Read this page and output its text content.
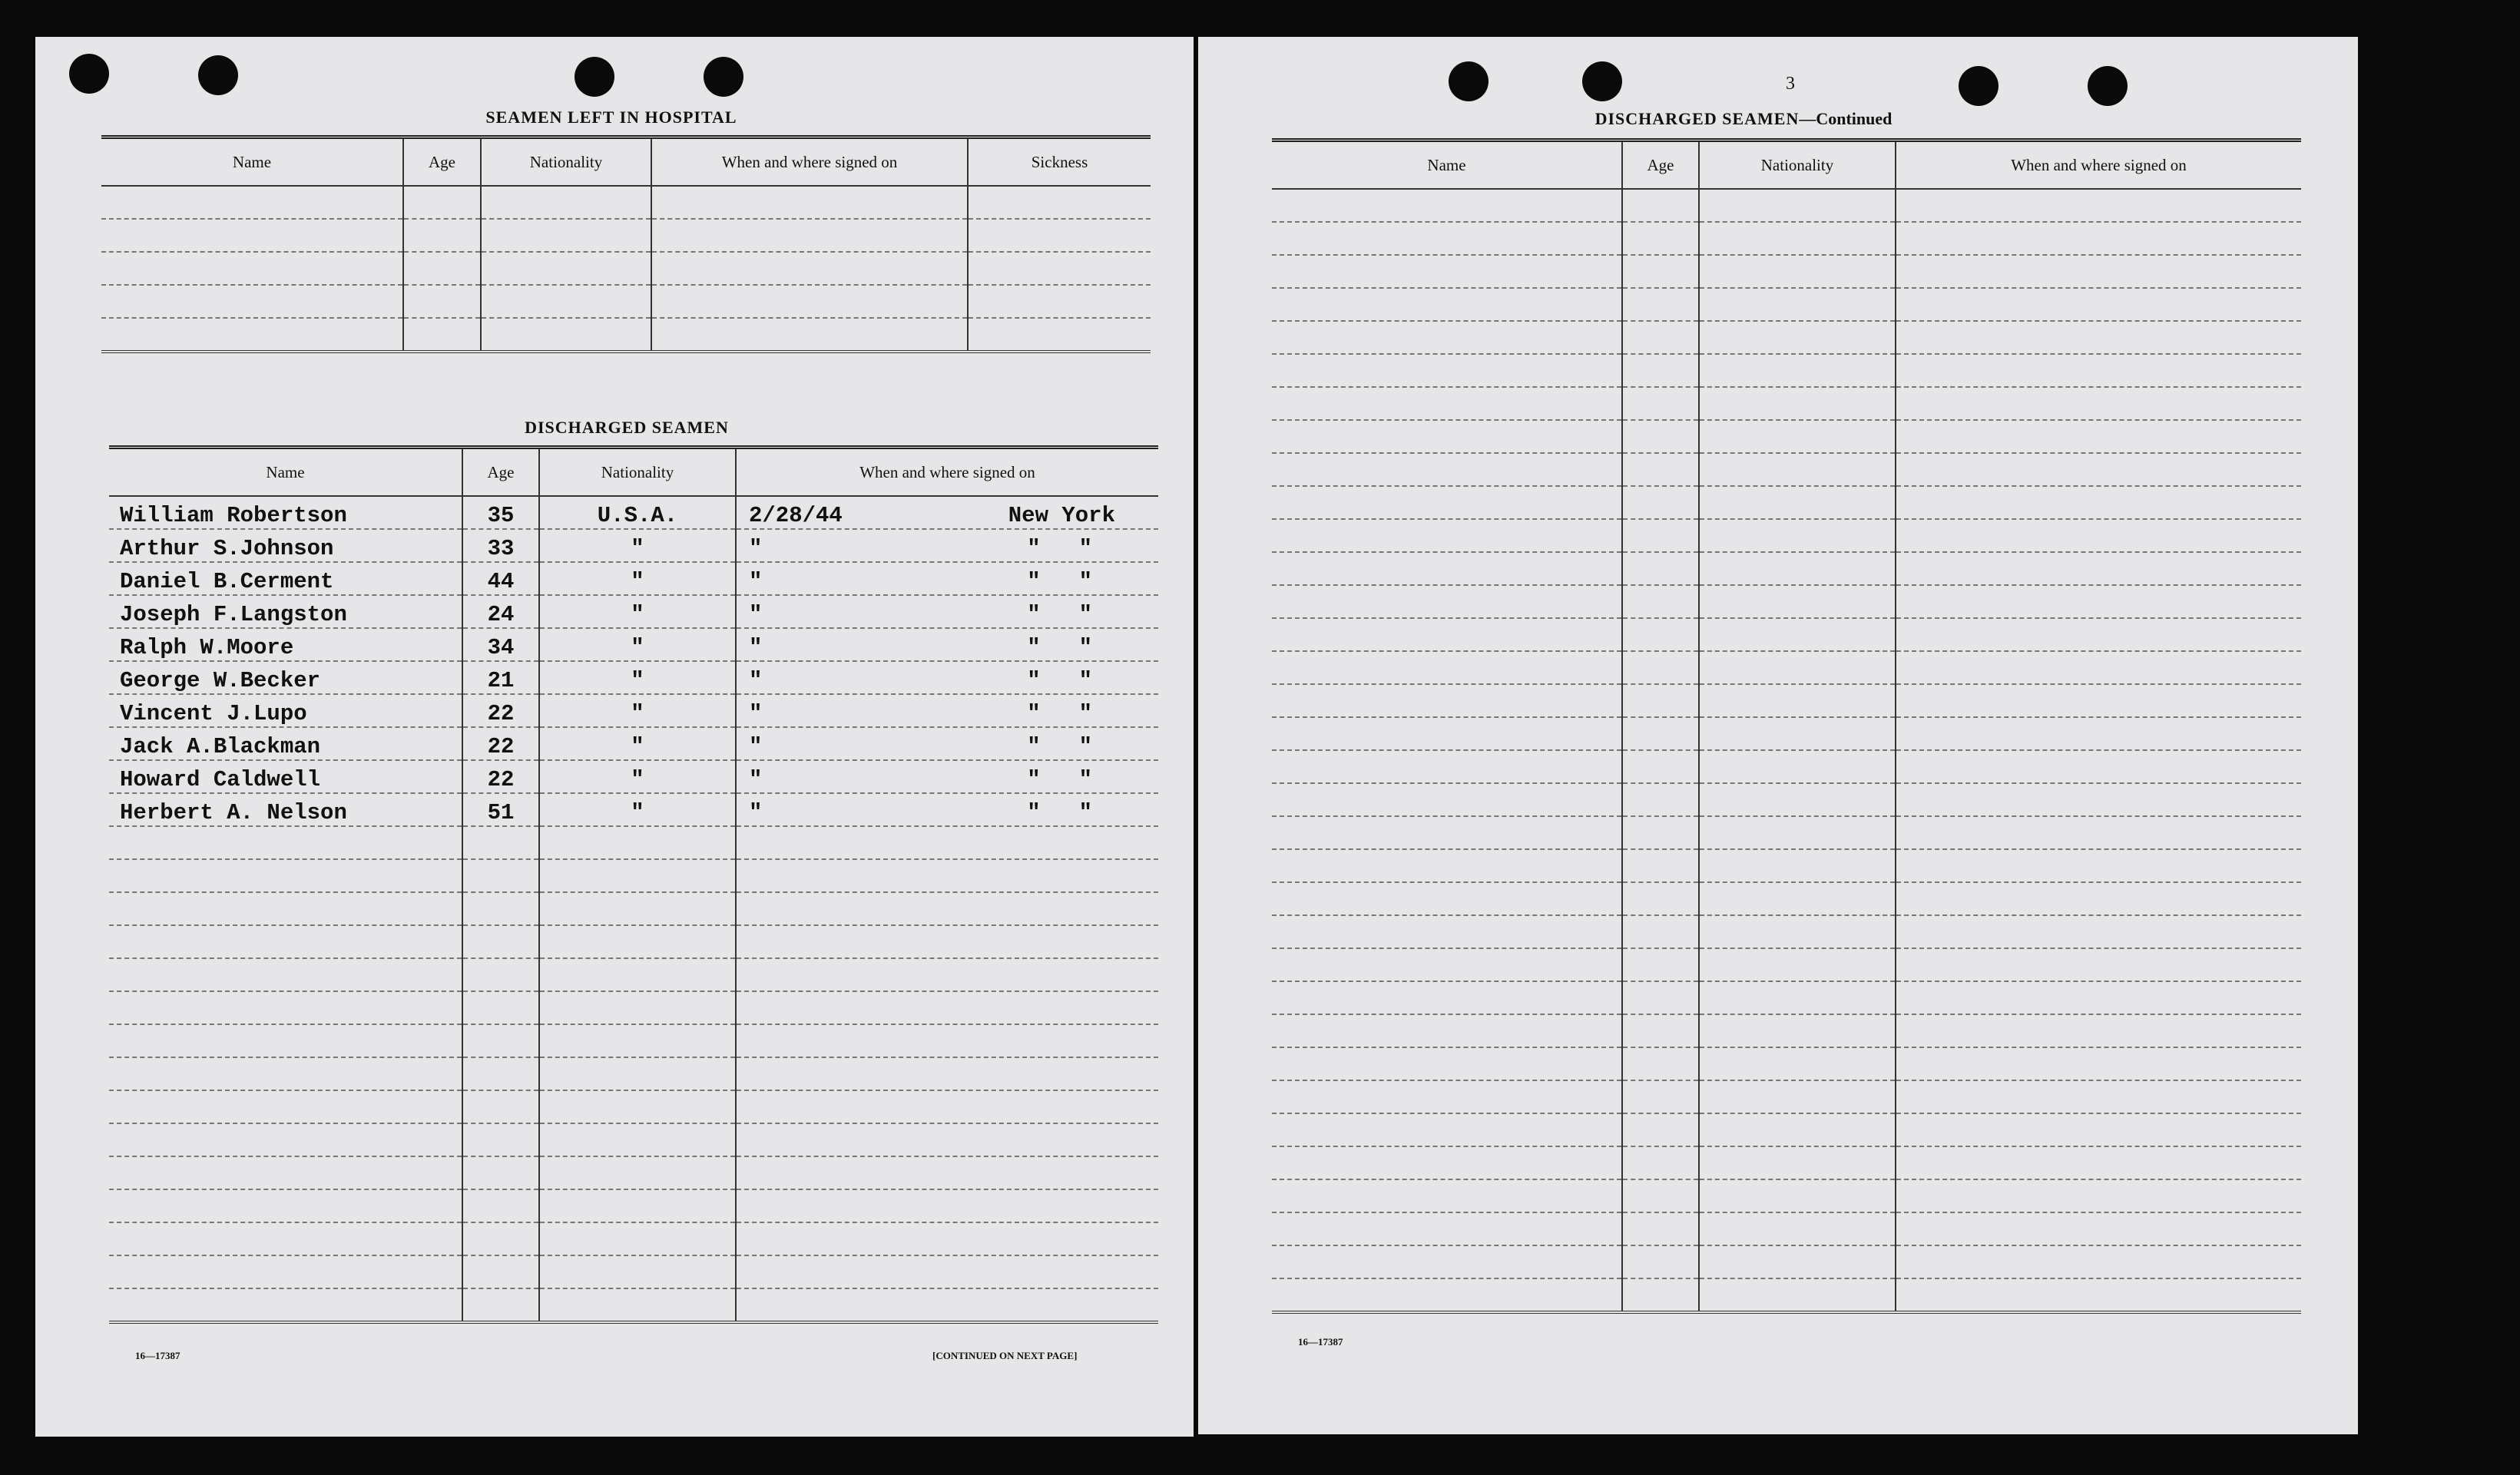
SEAMEN LEFT IN HOSPITAL
Name	Age	Nationality	When and where signed on	Sickness

DISCHARGED SEAMEN
Name	Age	Nationality	When and where signed on
William Robertson	35	U.S.A.	2/28/44 New York

Arthur S.Johnson	33	"	" " "

Daniel B.Cerment	44	"	" " "

Joseph F.Langston	24	"	" " "

Ralph W.Moore	34	"	" " "

George W.Becker	21	"	" " "

Vincent J.Lupo	22	"	" " "

Jack A.Blackman	22	"	" " "

Howard Caldwell	22	"	" " "

Herbert A. Nelson	51	"	" " "

16—17387	[CONTINUED ON NEXT PAGE]
3
DISCHARGED SEAMEN—Continued
Name	Age	Nationality	When and where signed on

16—17387
